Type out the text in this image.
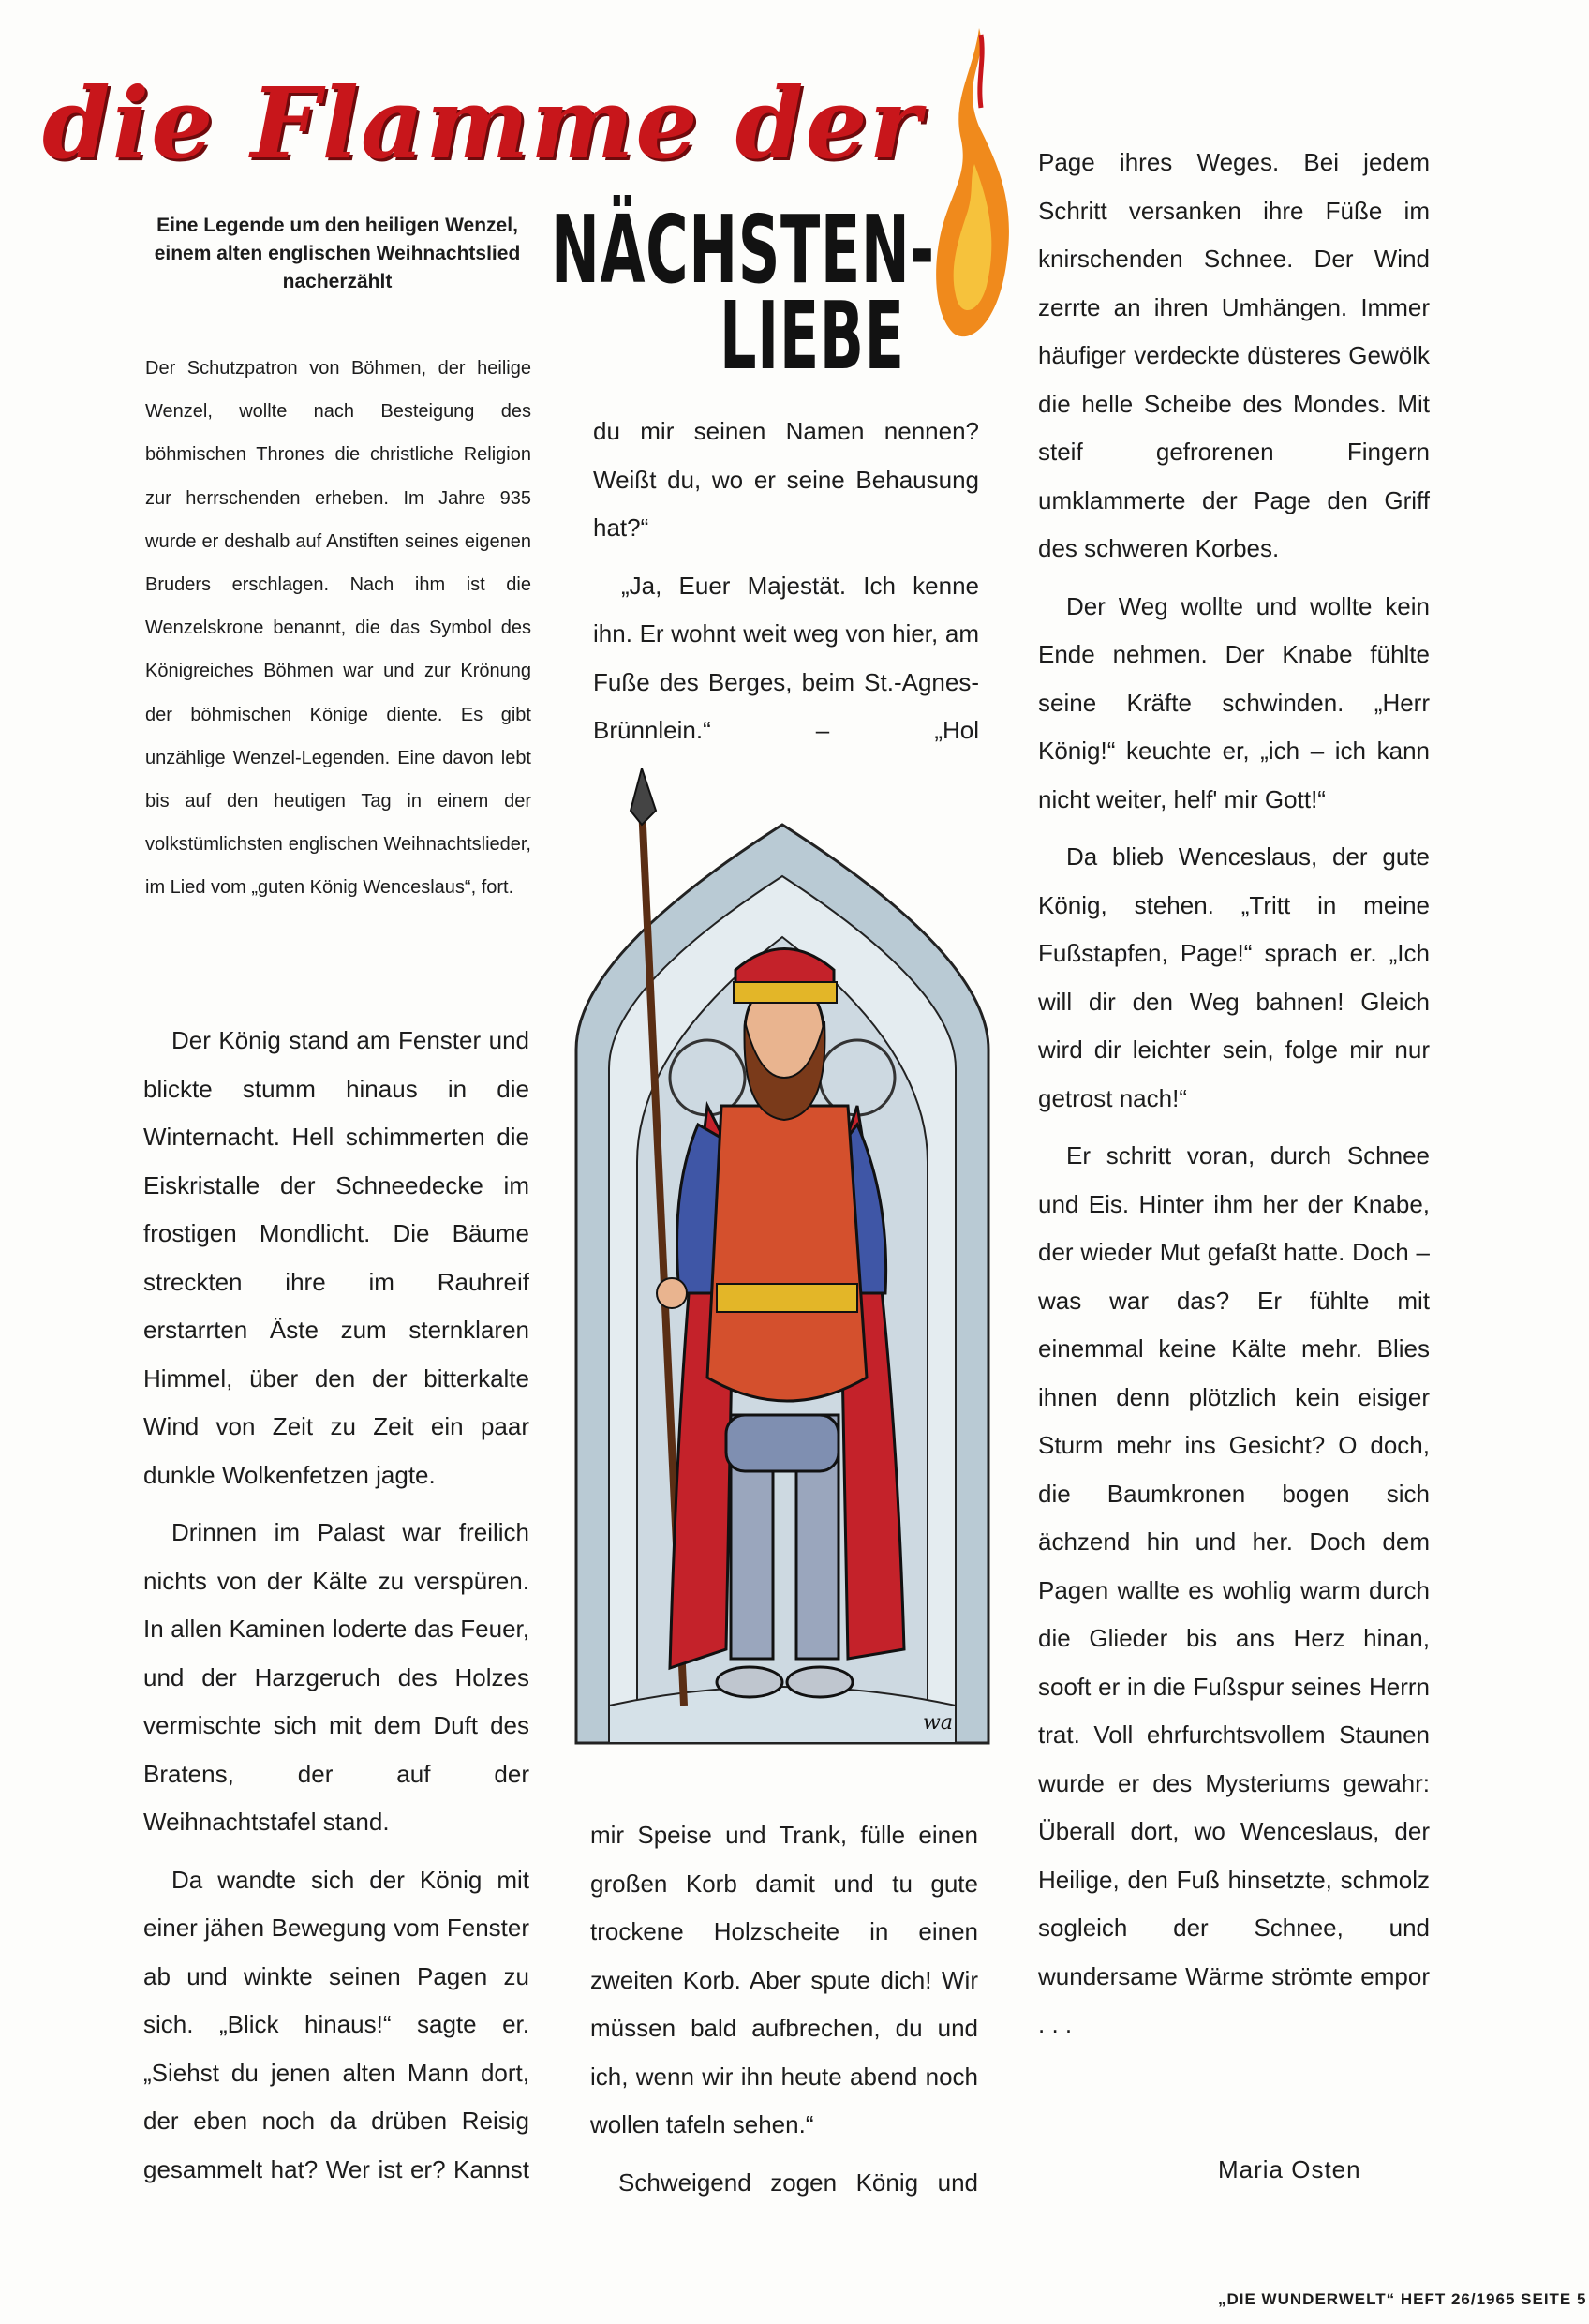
die Flamme der
NÄCHSTEN-
LIEBE
Eine Legende um den heiligen Wenzel, einem alten englischen Weihnachtslied nacherzählt
Der Schutzpatron von Böhmen, der heilige Wenzel, wollte nach Besteigung des böhmischen Thrones die christliche Religion zur herrschenden erheben. Im Jahre 935 wurde er deshalb auf Anstiften seines eigenen Bruders erschlagen. Nach ihm ist die Wenzelskrone benannt, die das Symbol des Königreiches Böhmen war und zur Krönung der böhmischen Könige diente. Es gibt unzählige Wenzel-Legenden. Eine davon lebt bis auf den heutigen Tag in einem der volkstümlichsten englischen Weihnachtslieder, im Lied vom „guten König Wenceslaus“, fort.

Der König stand am Fenster und blickte stumm hinaus in die Winternacht. Hell schimmerten die Eiskristalle der Schneedecke im frostigen Mondlicht. Die Bäume streckten ihre im Rauhreif erstarrten Äste zum sternklaren Himmel, über den der bitterkalte Wind von Zeit zu Zeit ein paar dunkle Wolkenfetzen jagte.

Drinnen im Palast war freilich nichts von der Kälte zu verspüren. In allen Kaminen loderte das Feuer, und der Harzgeruch des Holzes vermischte sich mit dem Duft des Bratens, der auf der Weihnachtstafel stand.

Da wandte sich der König mit einer jähen Bewegung vom Fenster ab und winkte seinen Pagen zu sich. „Blick hinaus!“ sagte er. „Siehst du jenen alten Mann dort, der eben noch da drüben Reisig gesammelt hat? Wer ist er? Kannst

du mir seinen Namen nennen? Weißt du, wo er seine Behausung hat?“

„Ja, Euer Majestät. Ich kenne ihn. Er wohnt weit weg von hier, am Fuße des Berges, beim St.-Agnes-Brünnlein.“ – „Hol

wa

mir Speise und Trank, fülle einen großen Korb damit und tu gute trockene Holzscheite in einen zweiten Korb. Aber spute dich! Wir müssen bald aufbrechen, du und ich, wenn wir ihn heute abend noch wollen tafeln sehen.“

Schweigend zogen König und

Page ihres Weges. Bei jedem Schritt versanken ihre Füße im knirschenden Schnee. Der Wind zerrte an ihren Umhängen. Immer häufiger verdeckte düsteres Gewölk die helle Scheibe des Mondes. Mit steif gefrorenen Fingern umklammerte der Page den Griff des schweren Korbes.

Der Weg wollte und wollte kein Ende nehmen. Der Knabe fühlte seine Kräfte schwinden. „Herr König!“ keuchte er, „ich – ich kann nicht weiter, helf' mir Gott!“

Da blieb Wenceslaus, der gute König, stehen. „Tritt in meine Fußstapfen, Page!“ sprach er. „Ich will dir den Weg bahnen! Gleich wird dir leichter sein, folge mir nur getrost nach!“

Er schritt voran, durch Schnee und Eis. Hinter ihm her der Knabe, der wieder Mut gefaßt hatte. Doch – was war das? Er fühlte mit einemmal keine Kälte mehr. Blies ihnen denn plötzlich kein eisiger Sturm mehr ins Gesicht? O doch, die Baumkronen bogen sich ächzend hin und her. Doch dem Pagen wallte es wohlig warm durch die Glieder bis ans Herz hinan, sooft er in die Fußspur seines Herrn trat. Voll ehrfurchtsvollem Staunen wurde er des Mysteriums gewahr: Überall dort, wo Wenceslaus, der Heilige, den Fuß hinsetzte, schmolz sogleich der Schnee, und wundersame Wärme strömte empor . . .

Maria Osten
„DIE WUNDERWELT“ HEFT 26/1965 SEITE 5
